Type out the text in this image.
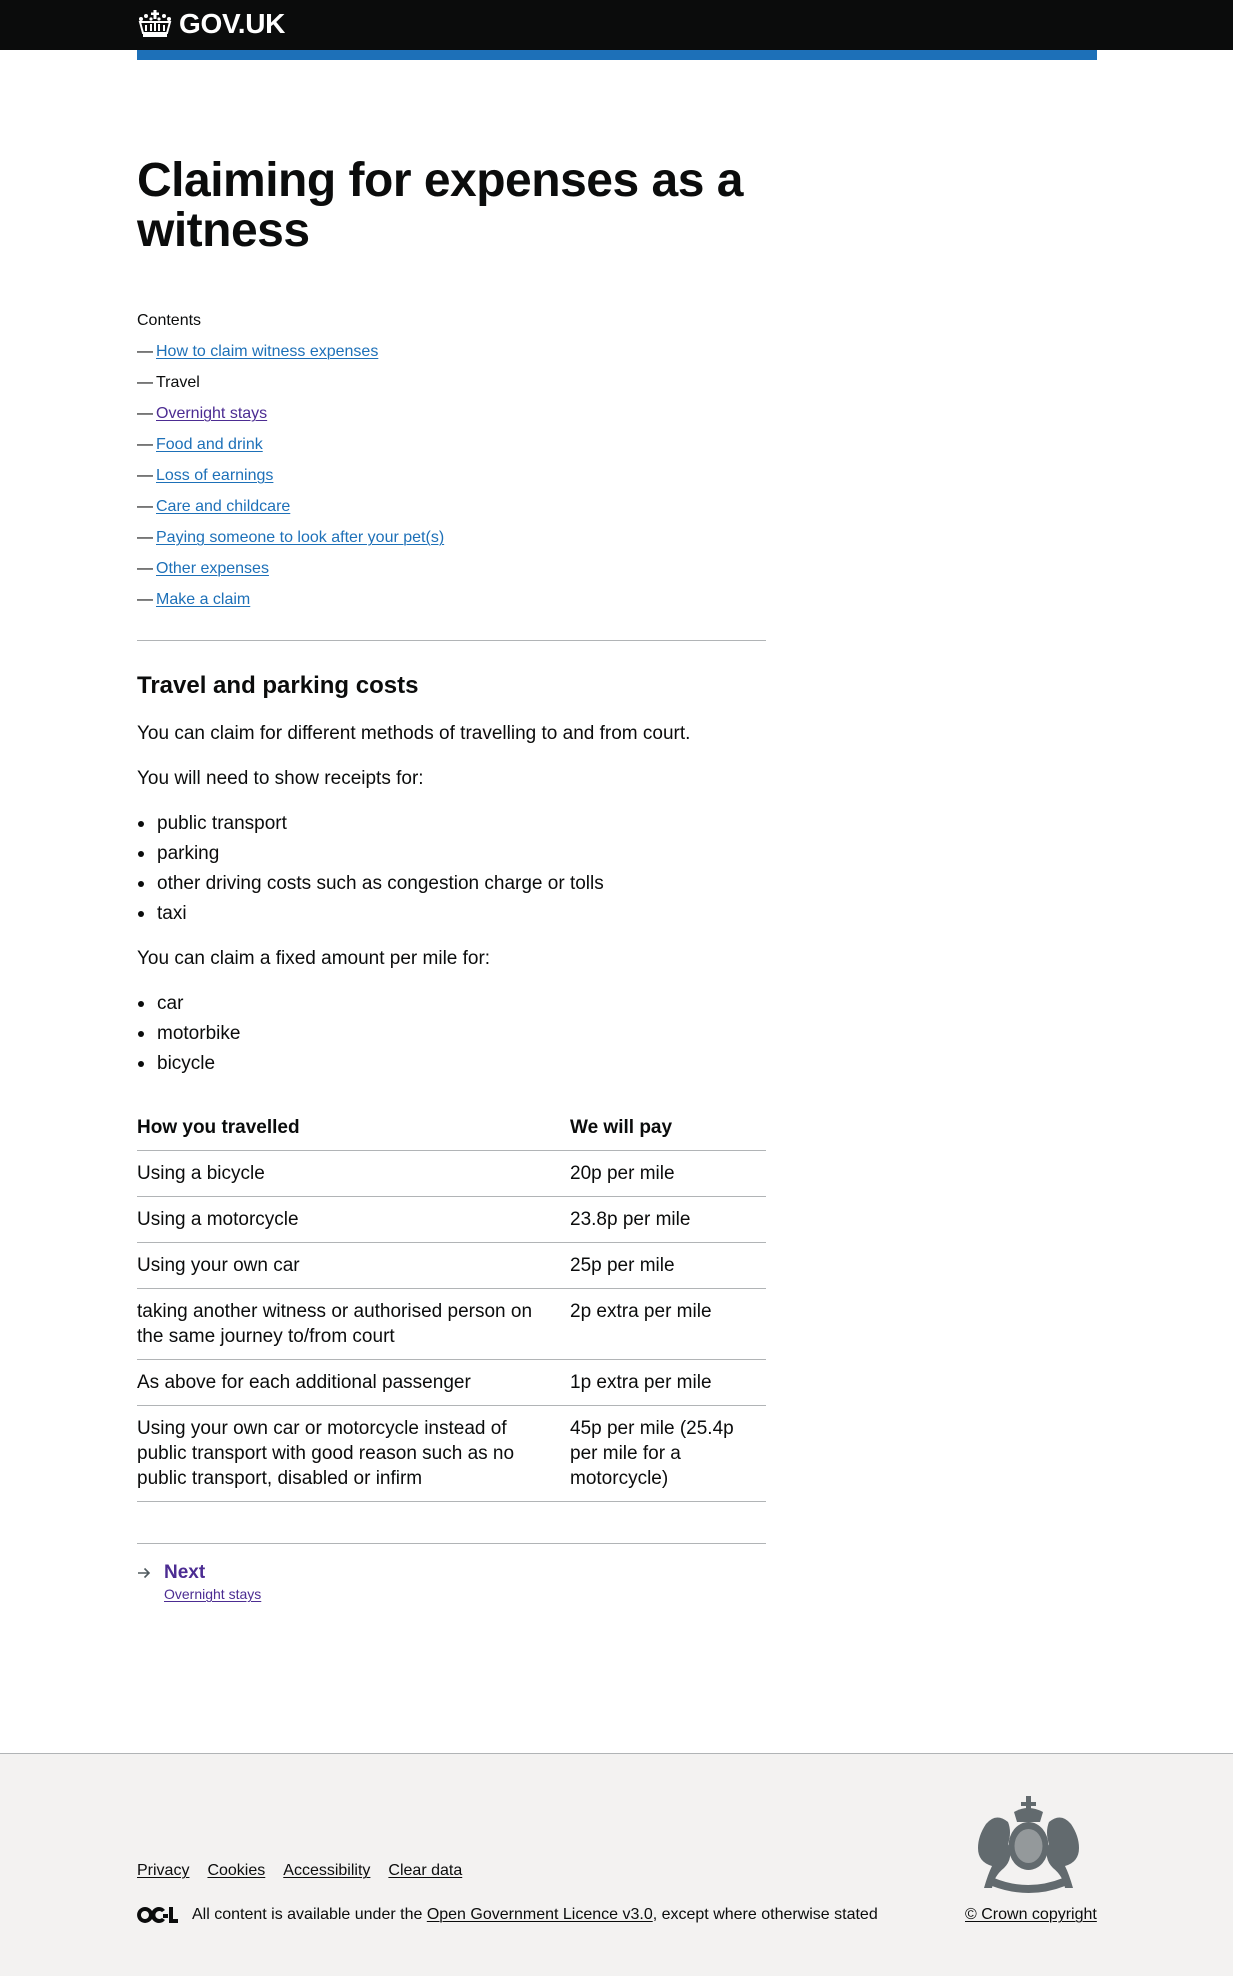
GOV.UK
Claiming for expenses as a witness
Contents
— How to claim witness expenses
— Travel
— Overnight stays
— Food and drink
— Loss of earnings
— Care and childcare
— Paying someone to look after your pet(s)
— Other expenses
— Make a claim
Travel and parking costs

You can claim for different methods of travelling to and from court.

You will need to show receipts for:

public transport
parking
other driving costs such as congestion charge or tolls
taxi

You can claim a fixed amount per mile for:

car
motorbike
bicycle
How you travelled	We will pay
Using a bicycle	20p per mile
Using a motorcycle	23.8p per mile
Using your own car	25p per mile
taking another witness or authorised person on the same journey to/from court	2p extra per mile
As above for each additional passenger	1p extra per mile
Using your own car or motorcycle instead of public transport with good reason such as no public transport, disabled or infirm	45p per mile (25.4p per mile for a motorcycle)
Next
Overnight stays
Privacy Cookies Accessibility Clear data
All content is available under the Open Government Licence v3.0 , except where otherwise stated	© Crown copyright
